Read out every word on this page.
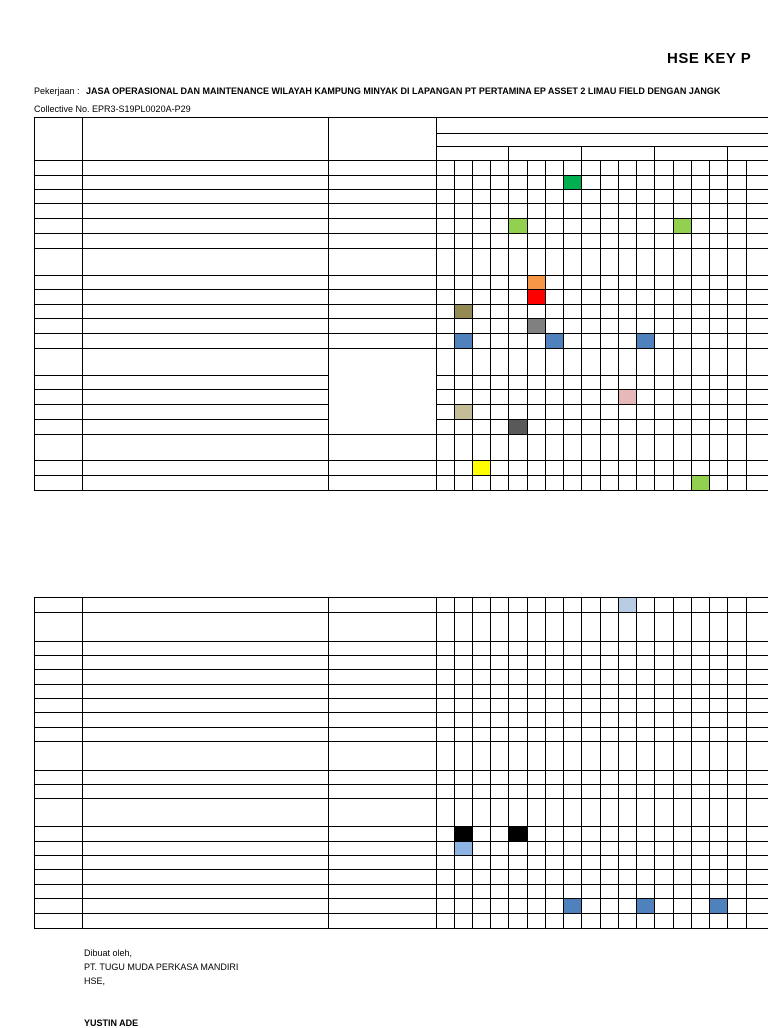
HSE KEY P
Pekerjaan : JASA OPERASIONAL DAN MAINTENANCE WILAYAH KAMPUNG MINYAK DI LAPANGAN PT PERTAMINA EP ASSET 2 LIMAU FIELD DENGAN JANGK
Collective No. EPR3-S19PL0020A-P29
Dibuat oleh,
PT. TUGU MUDA PERKASA MANDIRI
HSE,
YUSTIN ADE
